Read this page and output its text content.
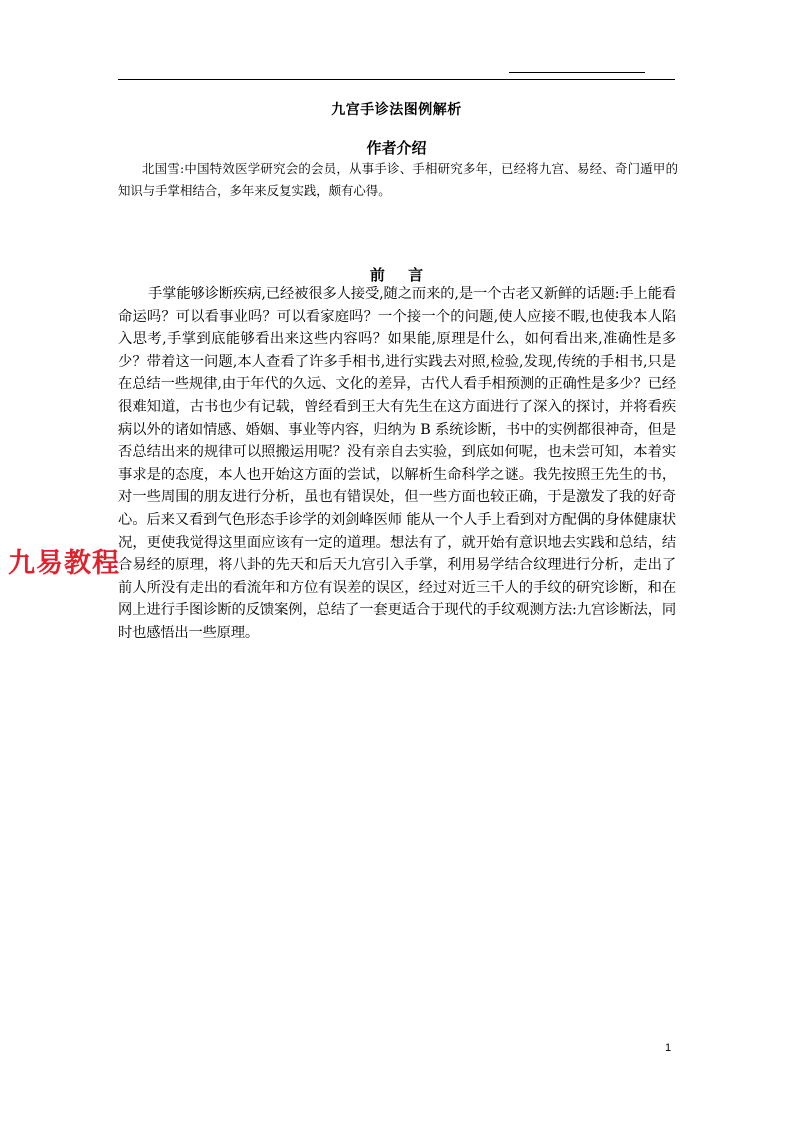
九宫手诊法图例解析
作者介绍
北国雪:中国特效医学研究会的会员，从事手诊、手相研究多年，已经将九宫、易经、奇门遁甲的知识与手掌相结合，多年来反复实践，颇有心得。
前 言
手掌能够诊断疾病,已经被很多人接受,随之而来的,是一个古老又新鲜的话题:手上能看命运吗？可以看事业吗？可以看家庭吗？一个接一个的问题,使人应接不暇,也使我本人陷入思考,手掌到底能够看出来这些内容吗？如果能,原理是什么，如何看出来,准确性是多少？带着这一问题,本人查看了许多手相书,进行实践去对照,检验,发现,传统的手相书,只是在总结一些规律,由于年代的久远、文化的差异，古代人看手相预测的正确性是多少？已经很难知道，古书也少有记载，曾经看到王大有先生在这方面进行了深入的探讨，并将看疾病以外的诸如情感、婚姻、事业等内容，归纳为 B 系统诊断，书中的实例都很神奇，但是否总结出来的规律可以照搬运用呢？没有亲自去实验，到底如何呢，也未尝可知，本着实事求是的态度，本人也开始这方面的尝试，以解析生命科学之谜。我先按照王先生的书，对一些周围的朋友进行分析，虽也有错误处，但一些方面也较正确，于是激发了我的好奇心。后来又看到气色形态手诊学的刘剑峰医师 能从一个人手上看到对方配偶的身体健康状况，更使我觉得这里面应该有一定的道理。想法有了，就开始有意识地去实践和总结，结合易经的原理，将八卦的先天和后天九宫引入手掌，利用易学结合纹理进行分析，走出了前人所没有走出的看流年和方位有误差的误区，经过对近三千人的手纹的研究诊断，和在网上进行手图诊断的反馈案例，总结了一套更适合于现代的手纹观测方法:九宫诊断法，同时也感悟出一些原理。
九易教程
1
